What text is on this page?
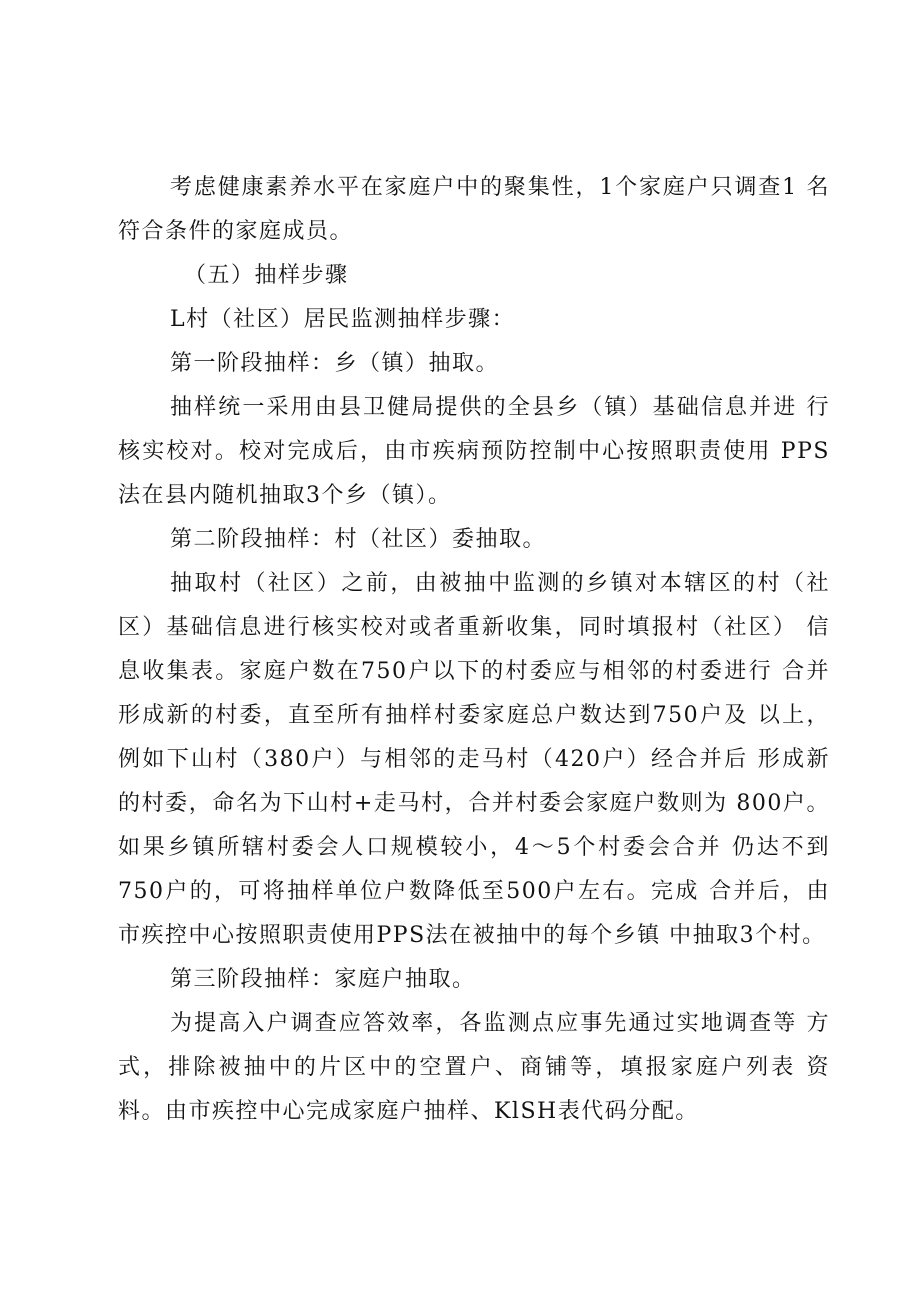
考虑健康素养水平在家庭户中的聚集性，1个家庭户只调查1 名符合条件的家庭成员。

（五）抽样步骤

L村（社区）居民监测抽样步骤：

第一阶段抽样：乡（镇）抽取。

抽样统一采用由县卫健局提供的全县乡（镇）基础信息并进 行核实校对。校对完成后，由市疾病预防控制中心按照职责使用 PPS法在县内随机抽取3个乡（镇）。

第二阶段抽样：村（社区）委抽取。

抽取村（社区）之前，由被抽中监测的乡镇对本辖区的村（社 区）基础信息进行核实校对或者重新收集，同时填报村（社区） 信息收集表。家庭户数在750户以下的村委应与相邻的村委进行 合并形成新的村委，直至所有抽样村委家庭总户数达到750户及 以上，例如下山村（380户）与相邻的走马村（420户）经合并后 形成新的村委，命名为下山村+走马村，合并村委会家庭户数则为 800户。如果乡镇所辖村委会人口规模较小，4～5个村委会合并 仍达不到750户的，可将抽样单位户数降低至500户左右。完成 合并后，由市疾控中心按照职责使用PPS法在被抽中的每个乡镇 中抽取3个村。

第三阶段抽样：家庭户抽取。

为提高入户调查应答效率，各监测点应事先通过实地调查等 方式，排除被抽中的片区中的空置户、商铺等，填报家庭户列表 资料。由市疾控中心完成家庭户抽样、KlSH表代码分配。
